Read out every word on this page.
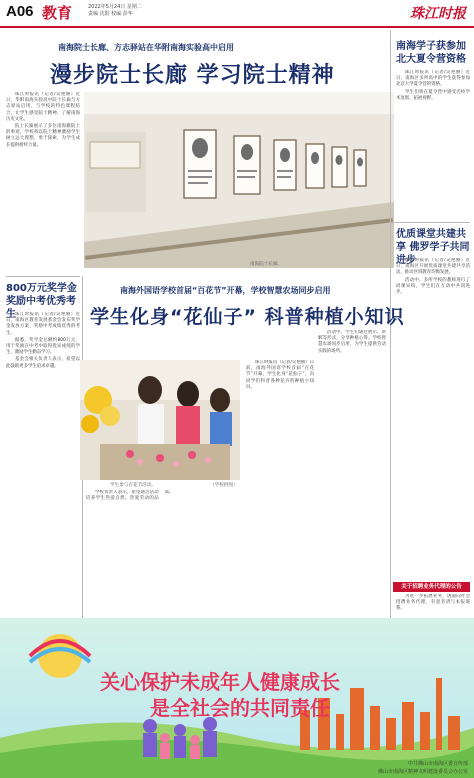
A06 教育	2022年5月24日 星期二
责编 沈阳 校编 彭华	珠江时报
南海院士长廊、方志驿站在华附南海实验高中启用
漫步院士长廊 学习院士精神

珠江时报讯（记者/吴艳丽）近日，华附南海实验高中院士长廊与方志驿站启用，与学校的特色课程结合，让学生感受院士精神，了解南海历史文化。

院士长廊展示了多位南海籍院士的事迹，学校将以院士精神激励学生树立远大理想，勇于探索，为学生成长提供榜样力量。

南海院士长廊。
南海学子获参加北大夏令营资格

珠江时报讯（记者/吴艳丽）近日，南海区多所高中的学生获得参加北京大学夏令营的资格。

学生们将在夏令营中感受名校学术氛围，拓展视野。

优质课堂共建共享 佛罗学子共同进步

珠江时报讯（记者/吴艳丽）近日，南海区开展优质课堂共建共享活动，推动区域教育均衡发展。

活动中，多所学校的教师进行了同课异构，学生们在互动中共同进步。

关于招聘业务代理的公告

为进一步拓展业务，现面向社会招聘业务代理，有意者请与本报联系。

800万元奖学金奖励中考优秀考生 珠江时报讯（记者/吴艳丽）近日，南海区教育发展基金会发布奖学金发放方案，奖励中考成绩优秀的考生。

据悉，奖学金总额约800万元，用于奖励在中考中取得优异成绩的学生，激励学生勤奋学习。

基金会相关负责人表示，希望以此鼓励更多学生追求卓越。

南海外国语学校首届“百花节”开幕，学校智慧农场同步启用
学生化身“花仙子” 科普种植小知识
学生参与百花节活动。	（学校供图）

珠江时报讯（记者/吴艳丽）日前，南海外国语学校首届“百花节”开幕，学生化身“花仙子”，向同学们科普各种花卉的种植小知识。

活动中，学生们通过展示、讲解等形式，分享种植心得。学校智慧农场同步启用，为学生提供劳动实践的场所。

学校负责人表示，希望通过活动培养学生热爱自然、热爱劳动的品质。

关心保护未成年人健康成长
是全社会的共同责任
中共佛山市南海区委宣传部
佛山市南海区精神文明建设委员会办公室
